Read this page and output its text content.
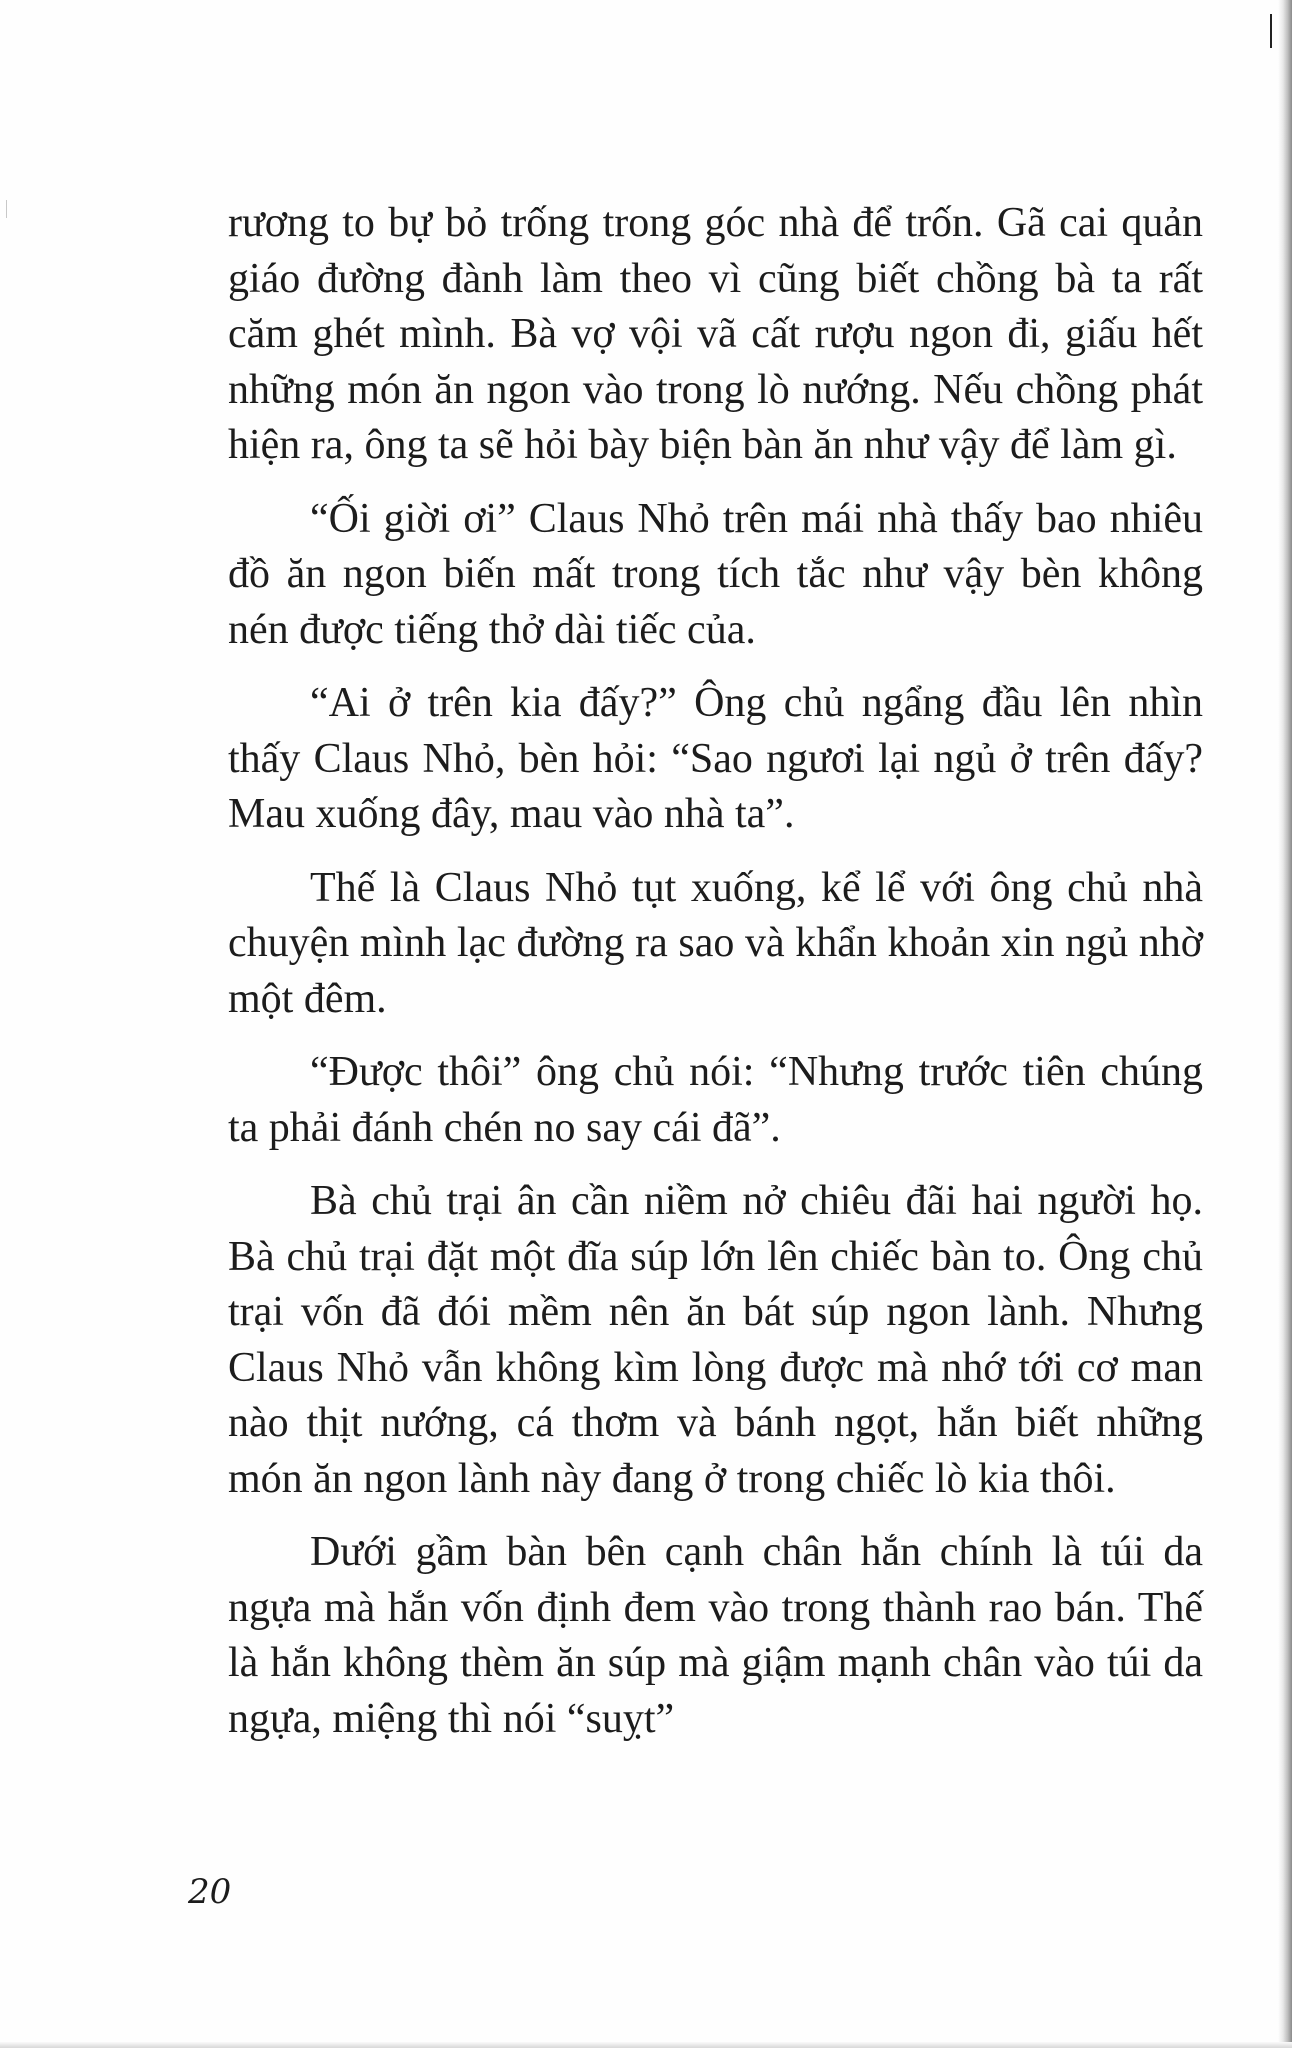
rương to bự bỏ trống trong góc nhà để trốn. Gã cai quản giáo đường đành làm theo vì cũng biết chồng bà ta rất căm ghét mình. Bà vợ vội vã cất rượu ngon đi, giấu hết những món ăn ngon vào trong lò nướng. Nếu chồng phát hiện ra, ông ta sẽ hỏi bày biện bàn ăn như vậy để làm gì.

“Ối giời ơi” Claus Nhỏ trên mái nhà thấy bao nhiêu đồ ăn ngon biến mất trong tích tắc như vậy bèn không nén được tiếng thở dài tiếc của.

“Ai ở trên kia đấy?” Ông chủ ngẩng đầu lên nhìn thấy Claus Nhỏ, bèn hỏi: “Sao ngươi lại ngủ ở trên đấy? Mau xuống đây, mau vào nhà ta”.

Thế là Claus Nhỏ tụt xuống, kể lể với ông chủ nhà chuyện mình lạc đường ra sao và khẩn khoản xin ngủ nhờ một đêm.

“Được thôi” ông chủ nói: “Nhưng trước tiên chúng ta phải đánh chén no say cái đã”.

Bà chủ trại ân cần niềm nở chiêu đãi hai người họ. Bà chủ trại đặt một đĩa súp lớn lên chiếc bàn to. Ông chủ trại vốn đã đói mềm nên ăn bát súp ngon lành. Nhưng Claus Nhỏ vẫn không kìm lòng được mà nhớ tới cơ man nào thịt nướng, cá thơm và bánh ngọt, hắn biết những món ăn ngon lành này đang ở trong chiếc lò kia thôi.

Dưới gầm bàn bên cạnh chân hắn chính là túi da ngựa mà hắn vốn định đem vào trong thành rao bán. Thế là hắn không thèm ăn súp mà giậm mạnh chân vào túi da ngựa, miệng thì nói “suỵt”

20
